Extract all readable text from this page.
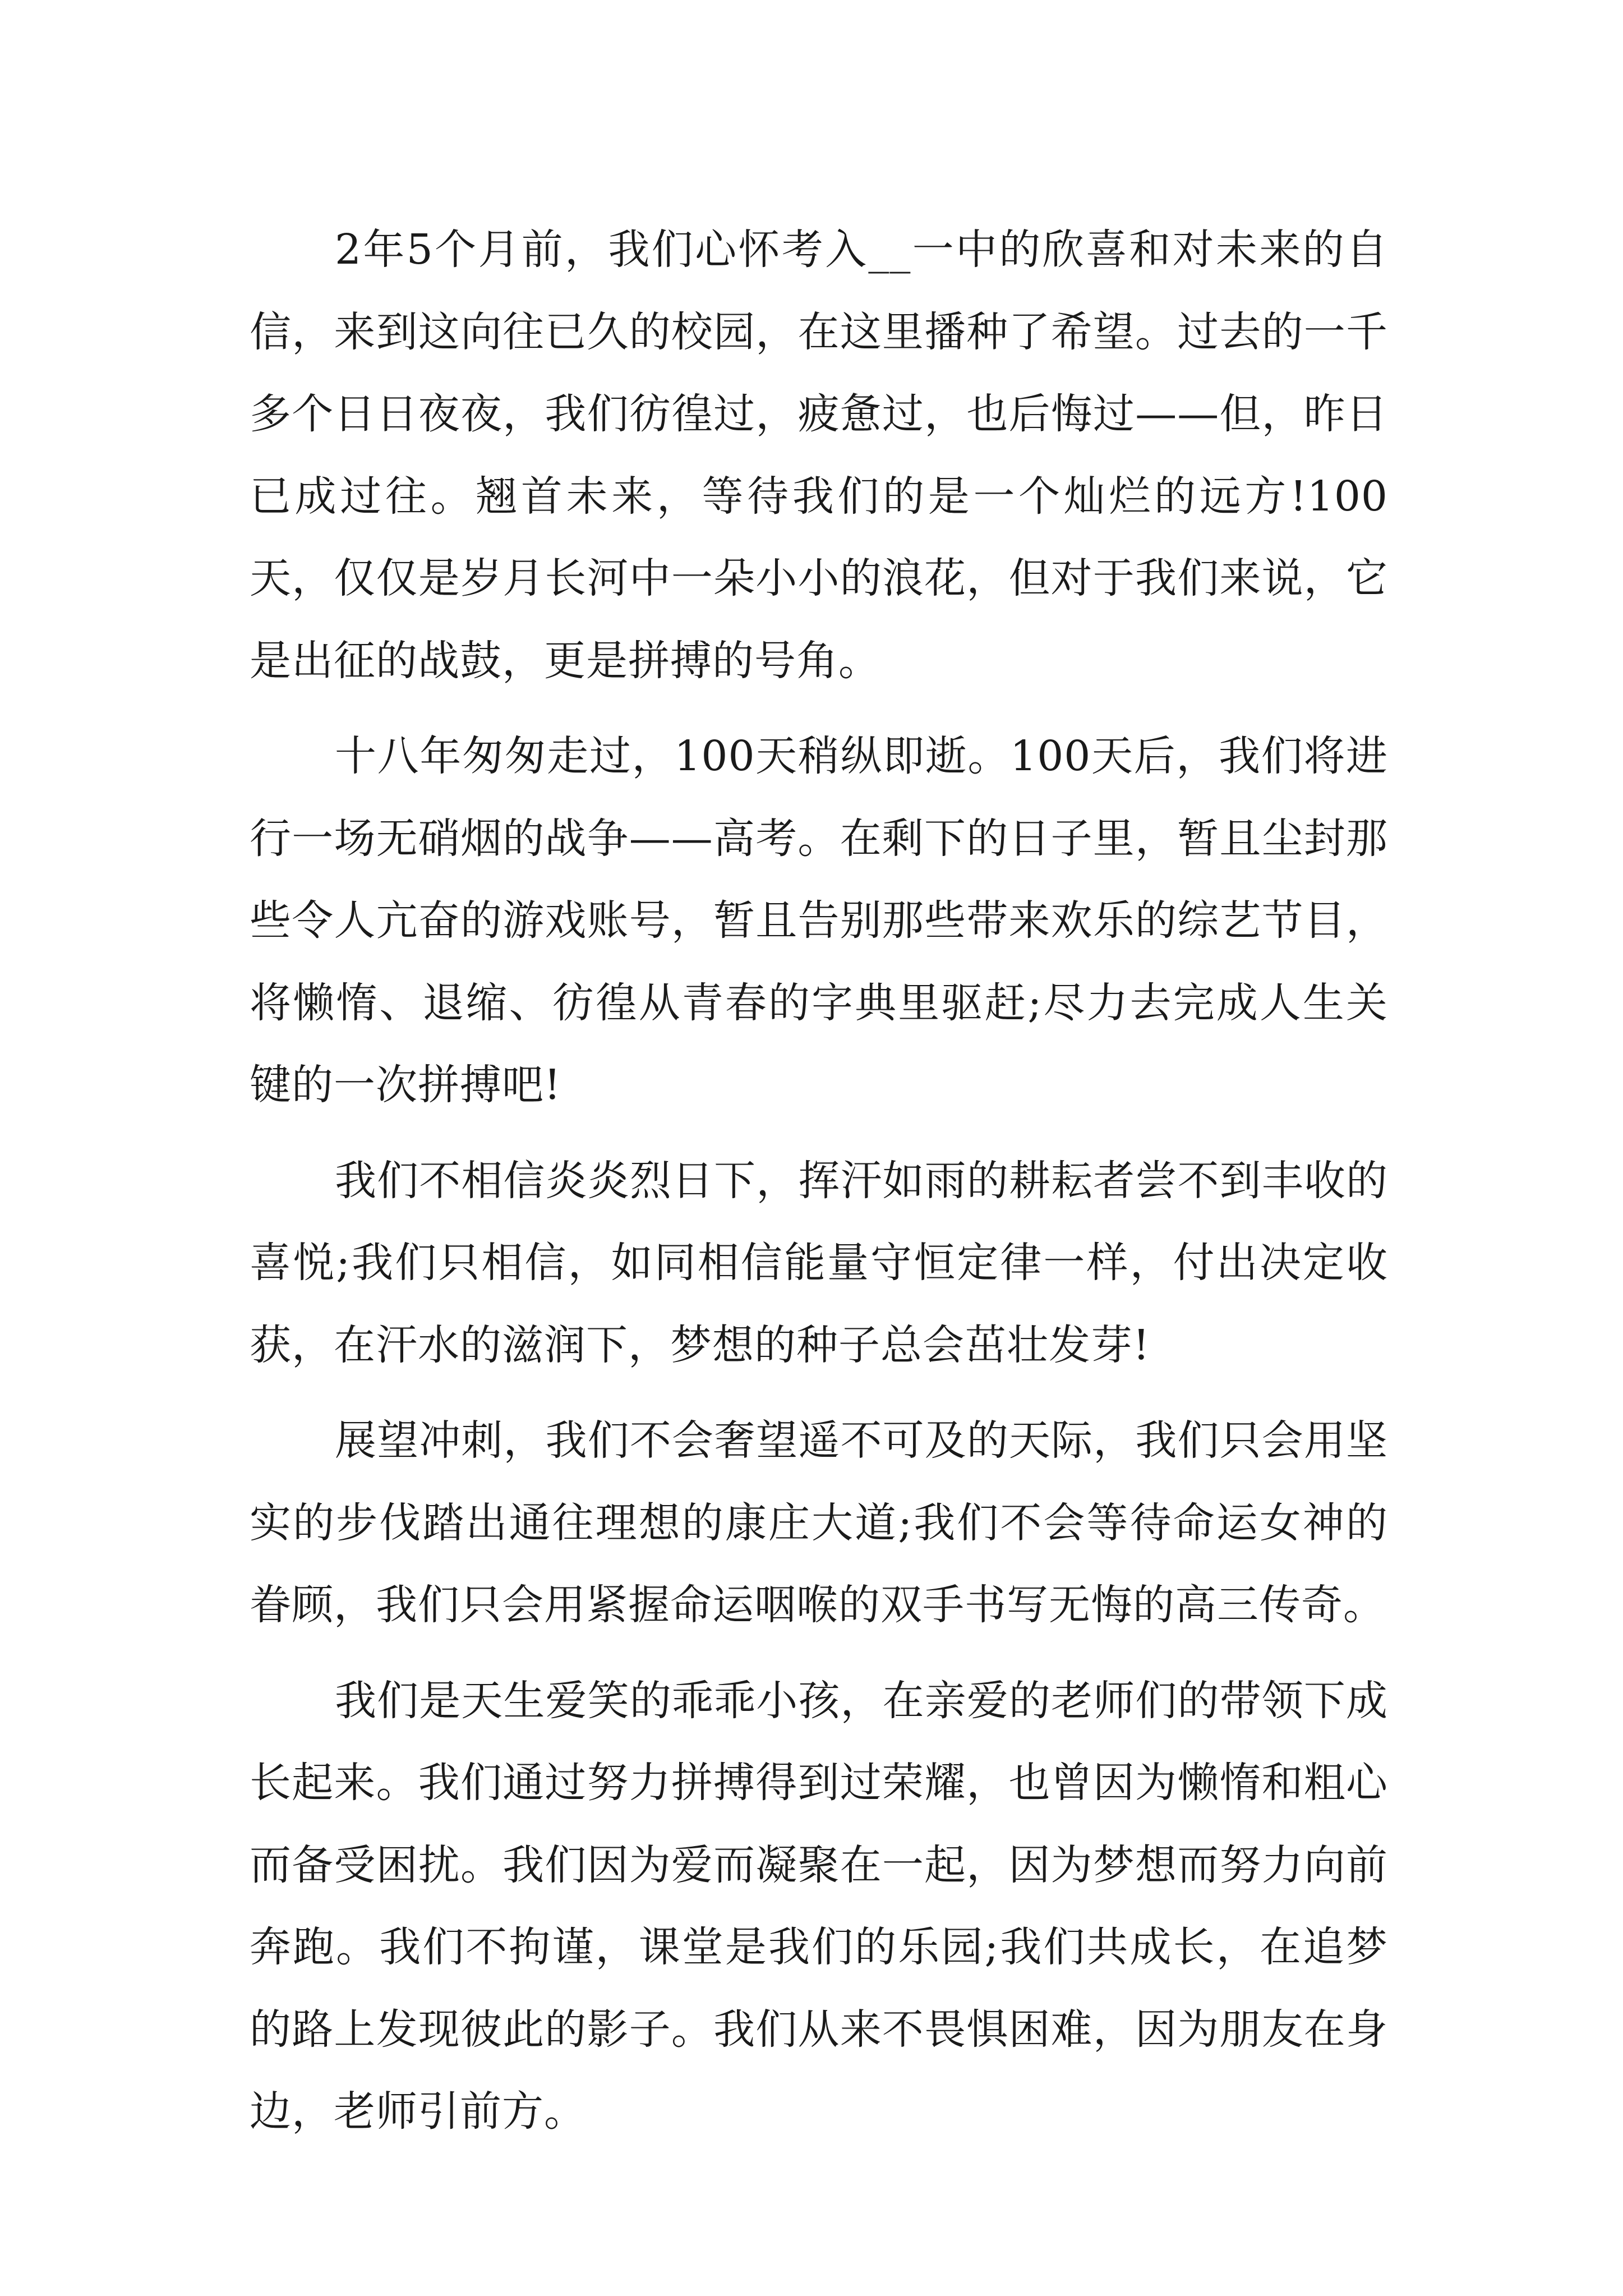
2年5个月前，我们心怀考入__一中的欣喜和对未来的自信，来到这向往已久的校园，在这里播种了希望。过去的一千多个日日夜夜，我们彷徨过，疲惫过，也后悔过——但，昨日已成过往。翘首未来，等待我们的是一个灿烂的远方!100天，仅仅是岁月长河中一朵小小的浪花，但对于我们来说，它是出征的战鼓，更是拼搏的号角。

十八年匆匆走过，100天稍纵即逝。100天后，我们将进行一场无硝烟的战争——高考。在剩下的日子里，暂且尘封那些令人亢奋的游戏账号，暂且告别那些带来欢乐的综艺节目，将懒惰、退缩、彷徨从青春的字典里驱赶;尽力去完成人生关键的一次拼搏吧!

我们不相信炎炎烈日下，挥汗如雨的耕耘者尝不到丰收的喜悦;我们只相信，如同相信能量守恒定律一样，付出决定收获，在汗水的滋润下，梦想的种子总会茁壮发芽!

展望冲刺，我们不会奢望遥不可及的天际，我们只会用坚实的步伐踏出通往理想的康庄大道;我们不会等待命运女神的眷顾，我们只会用紧握命运咽喉的双手书写无悔的高三传奇。

我们是天生爱笑的乖乖小孩，在亲爱的老师们的带领下成长起来。我们通过努力拼搏得到过荣耀，也曾因为懒惰和粗心而备受困扰。我们因为爱而凝聚在一起，因为梦想而努力向前奔跑。我们不拘谨，课堂是我们的乐园;我们共成长，在追梦的路上发现彼此的影子。我们从来不畏惧困难，因为朋友在身边，老师引前方。
